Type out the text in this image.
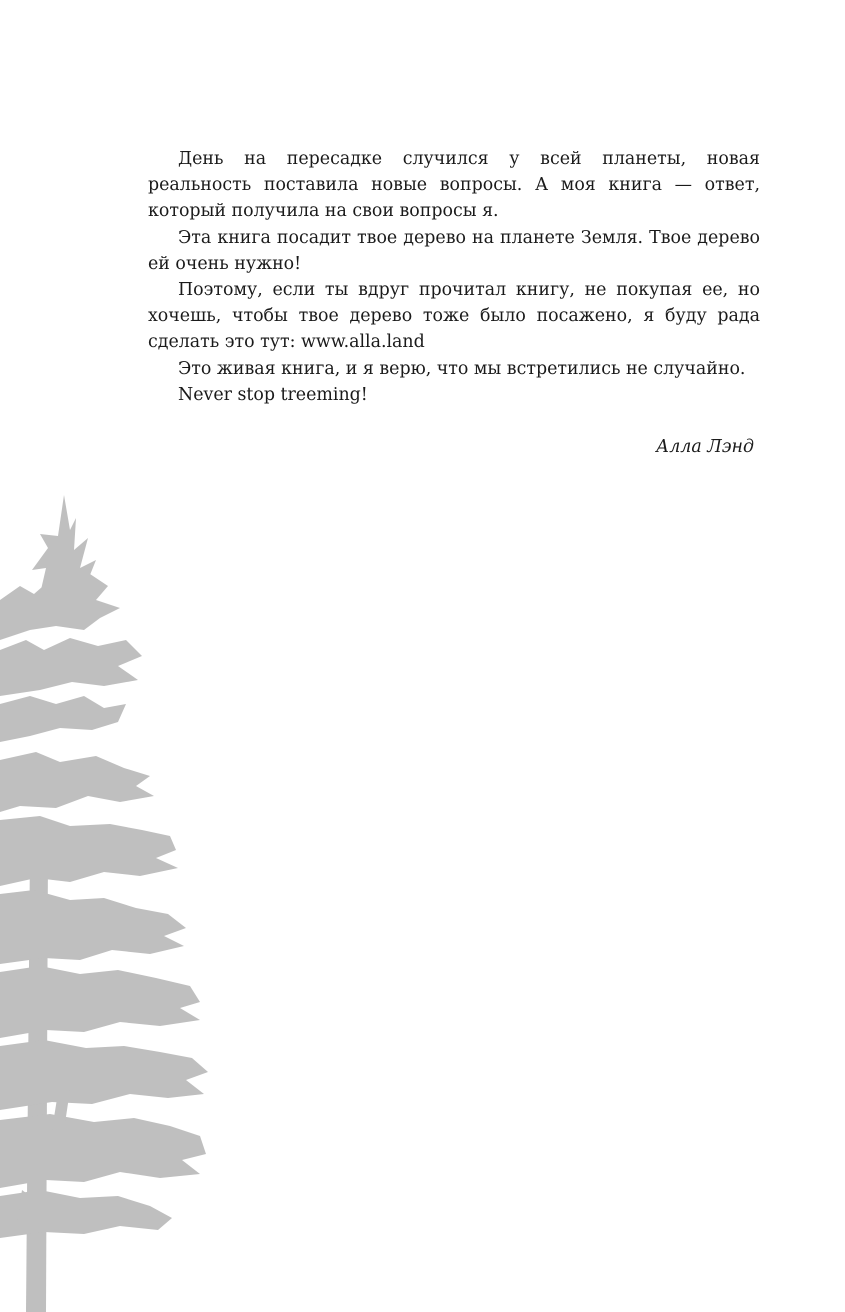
День на пересадке случился у всей планеты, новая реальность поставила новые вопросы. А моя книга — ответ, который получила на свои вопросы я.

Эта книга посадит твое дерево на планете Земля. Твое дерево ей очень нужно!

Поэтому, если ты вдруг прочитал книгу, не покупая ее, но хочешь, чтобы твое дерево тоже было посажено, я буду рада сделать это тут: www.alla.land

Это живая книга, и я верю, что мы встретились не случайно.

Never stop treeming!

Алла Лэнд
